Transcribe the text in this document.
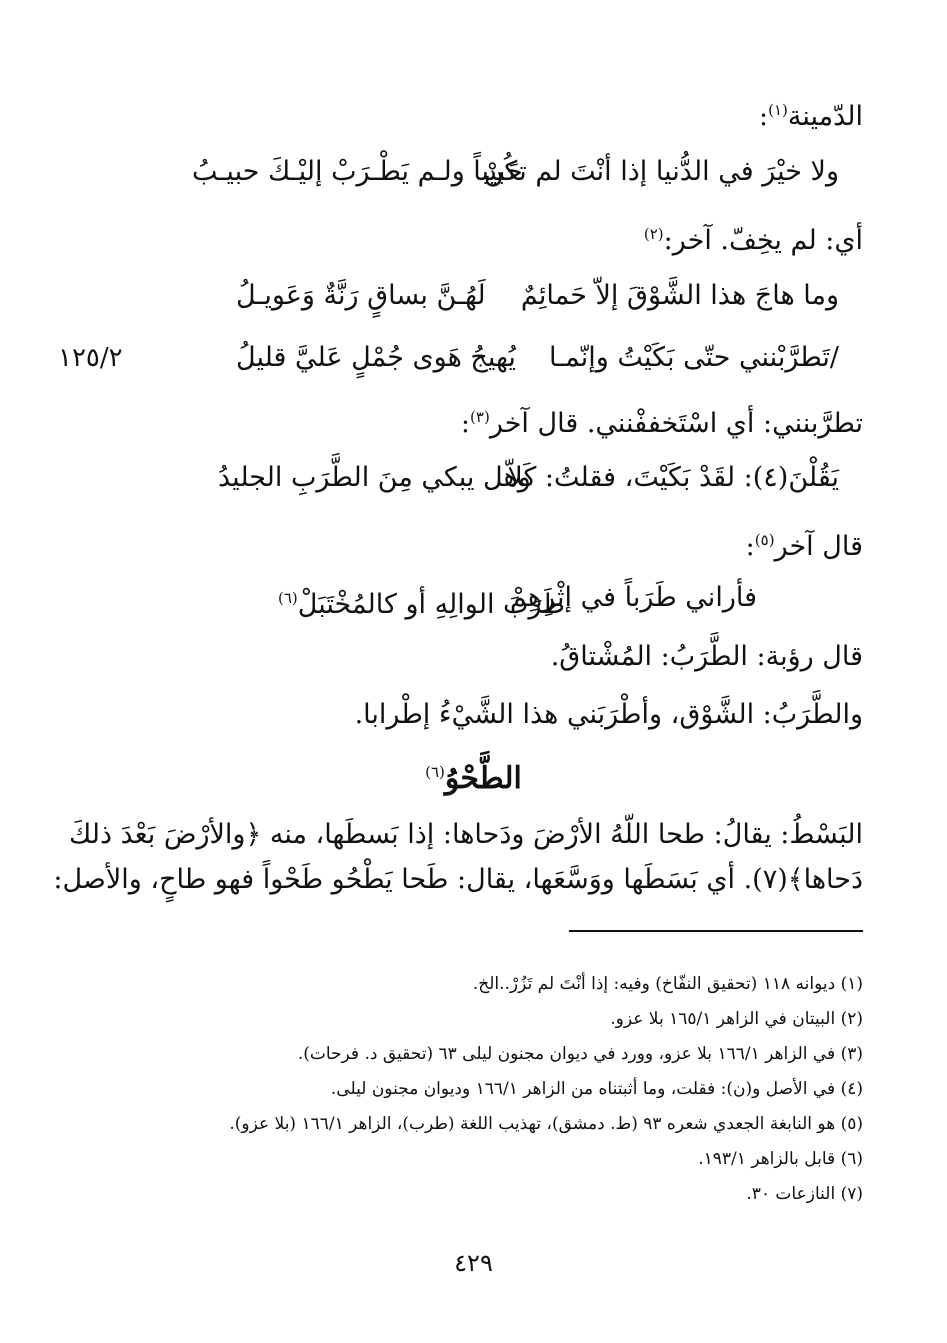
الدّمينة$^{(١)}$:
ولا خيْرَ في الدُّنيا إذا أنْتَ لم تكُنْ
حَبيباً ولـم يَطْـرَبْ إليْـكَ حبيـبُ
أي: لم يخِفّ. آخر:$^{(٢)}$
وما هاجَ هذا الشَّوْقَ إلاّ حَمائِمٌ
لَهُـنَّ بساقٍ رَنَّةٌ وَعَويـلُ
/تَطرَّبْنني حتّى بَكَيْتُ وإنّمـا
يُهيجُ هَوى جُمْلٍ عَليَّ قليلُ
١٢٥/٢
تطرَّبنني: أي اسْتَخففْنني. قال آخر$^{(٣)}$:
يَقُلْنَ(٤): لقَدْ بَكَيْتَ، فقلتُ: كَلاّ
وهل يبكي مِنَ الطَّرَبِ الجليدُ
قال آخر$^{(٥)}$:
فأراني طَرَباً في إثْرِهِمْ
طَرَبَ الوالِهِ أو كالمُخْتَبَلْ$^{(٦)}$
قال رؤبة: الطَّرَبُ: المُشْتاقُ.
والطَّرَبُ: الشَّوْق، وأطْرَبَني هذا الشَّيْءُ إطْرابا.
الطَّحْوُ$^{(٦)}$
البَسْطُ: يقالُ: طحا اللّهُ الأرْضَ ودَحاها: إذا بَسطَها، منه ﴿والأرْضَ بَعْدَ ذلكَ
دَحاها﴾(٧). أي بَسَطَها ووَسَّعَها، يقال: طَحا يَطْحُو طَحْواً فهو طاحٍ، والأصل:
(١) ديوانه ١١٨ (تحقيق النفّاخ) وفيه: إذا أنْتَ لم تَزُرْ..الخ.
(٢) البيتان في الزاهر ١٦٥/١ بلا عزو.
(٣) في الزاهر ١٦٦/١ بلا عزو، وورد في ديوان مجنون ليلى ٦٣ (تحقيق د. فرحات).
(٤) في الأصل و(ن): فقلت، وما أثبتناه من الزاهر ١٦٦/١ وديوان مجنون ليلى.
(٥) هو النابغة الجعدي شعره ٩٣ (ط. دمشق)، تهذيب اللغة (طرب)، الزاهر ١٦٦/١ (بلا عزو).
(٦) قابل بالزاهر ١٩٣/١.
(٧) النازعات ٣٠.
٤٢٩
